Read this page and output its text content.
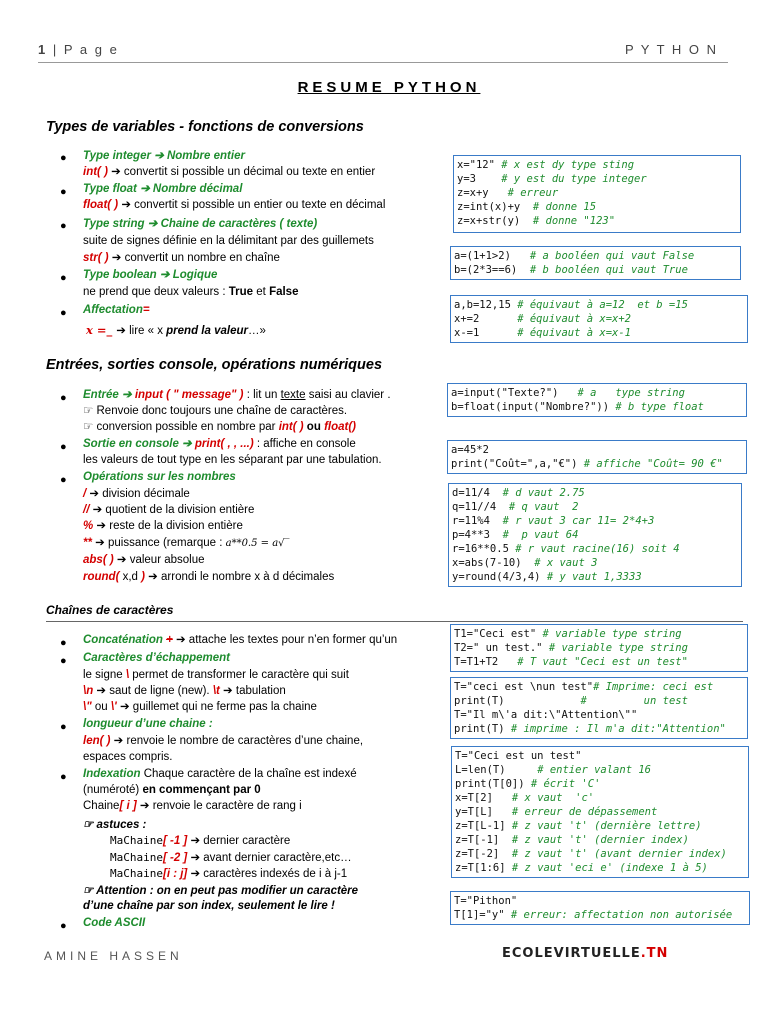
1 | P a g e	P Y T H O N
RESUME PYTHON
Types de variables - fonctions de conversions
● Type integer ➔ Nombre entier
int( ) ➔ convertit si possible un décimal ou texte en entier
● Type float ➔ Nombre décimal
float( ) ➔ convertit si possible un entier ou texte en décimal
● Type string ➔ Chaine de caractères ( texte)
suite de signes définie en la délimitant par des guillemets
str( ) ➔ convertit un nombre en chaîne
● Type boolean ➔ Logique
ne prend que deux valeurs : True et False
● Affectation=
x =_ ➔ lire « x prend la valeur…»
x="12" # x est dy type sting
y=3    # y est du type integer
z=x+y   # erreur
z=int(x)+y  # donne 15
z=x+str(y)  # donne "123"
a=(1+1>2)   # a booléen qui vaut False
b=(2*3==6)  # b booléen qui vaut True
a,b=12,15 # équivaut à a=12  et b =15
x+=2      # équivaut à x=x+2
x-=1      # équivaut à x=x-1
Entrées, sorties console, opérations numériques
● Entrée ➔ input ( " message" ) : lit un texte saisi au clavier .
☞ Renvoie donc toujours une chaîne de caractères.
☞ conversion possible en nombre par int( ) ou float()
● Sortie en console ➔ print( , , ...) : affiche en console
les valeurs de tout type en les séparant par une tabulation.
● Opérations sur les nombres
/ ➔ division décimale
// ➔ quotient de la division entière
% ➔ reste de la division entière
** ➔ puissance (remarque : a**0.5 = a√‾
abs( ) ➔ valeur absolue
round( x,d ) ➔ arrondi le nombre x à d décimales
a=input("Texte?")   # a   type string
b=float(input("Nombre?")) # b type float
a=45*2
print("Coût=",a,"€") # affiche "Coût= 90 €"
d=11/4  # d vaut 2.75
q=11//4  # q vaut  2
r=11%4  # r vaut 3 car 11= 2*4+3
p=4**3  #  p vaut 64
r=16**0.5 # r vaut racine(16) soit 4
x=abs(7-10)  # x vaut 3
y=round(4/3,4) # y vaut 1,3333
Chaînes de caractères
● Concaténation + ➔ attache les textes pour n’en former qu’un
● Caractères d’échappement
le signe \ permet de transformer le caractère qui suit
\n ➔ saut de ligne (new). \t ➔ tabulation
\" ou \' ➔ guillemet qui ne ferme pas la chaine
● longueur d’une chaine :
len( ) ➔ renvoie le nombre de caractères d’une chaine,
espaces compris.
● Indexation Chaque caractère de la chaîne est indexé
(numéroté) en commençant par 0
Chaine[ i ] ➔ renvoie le caractère de rang i
☞ astuces :
MaChaine[ -1 ] ➔ dernier caractère
MaChaine[ -2 ] ➔ avant dernier caractère,etc…
MaChaine[i : j] ➔ caractères indexés de i à j-1
☞ Attention : on en peut pas modifier un caractère
d’une chaîne par son index, seulement le lire !
● Code ASCII
T1="Ceci est" # variable type string
T2=" un test." # variable type string
T=T1+T2   # T vaut "Ceci est un test"
T="ceci est \nun test"# Imprime: ceci est
print(T)            #         un test
T="Il m\'a dit:\"Attention\""
print(T) # imprime : Il m'a dit:"Attention"
T="Ceci est un test"
L=len(T)     # entier valant 16
print(T[0]) # écrit 'C'
x=T[2]   # x vaut  'c'
y=T[L]   # erreur de dépassement
z=T[L-1] # z vaut 't' (dernière lettre)
z=T[-1]  # z vaut 't' (dernier index)
z=T[-2]  # z vaut 't' (avant dernier index)
z=T[1:6] # z vaut 'eci e' (indexe 1 à 5)
T="Pithon"
T[1]="y" # erreur: affectation non autorisée
AMINE HASSEN	ECOLEVIRTUELLE.TN
